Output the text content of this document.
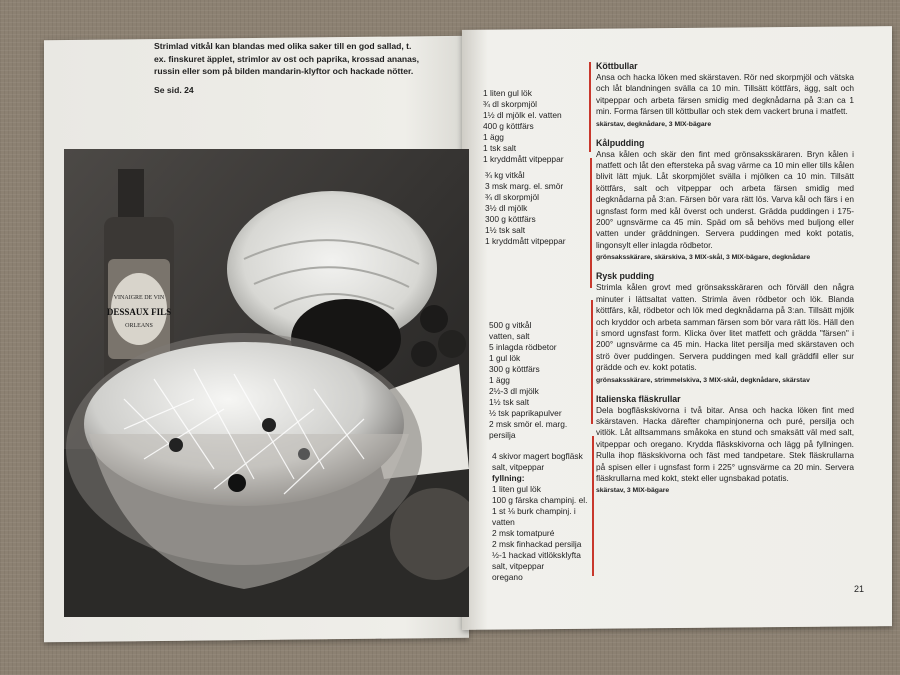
Strimlad vitkål kan blandas med olika saker till en god sallad, t. ex. finskuret äpplet, strimlor av ost och paprika, krossad ananas, russin eller som på bilden mandarin-klyftor och hackade nötter.
Se sid. 24
VINAIGRE DE VIN
DESSAUX FILS
ORLEANS
1 liten gul lök
¾ dl skorpmjöl
1½ dl mjölk el. vatten
400 g köttfärs
1 ägg
1 tsk salt
1 kryddmått vitpeppar
¾ kg vitkål
3 msk marg. el. smör
¾ dl skorpmjöl
3½ dl mjölk
300 g köttfärs
1½ tsk salt
1 kryddmått vitpeppar
500 g vitkål
vatten, salt
5 inlagda rödbetor
1 gul lök
300 g köttfärs
1 ägg
2½-3 dl mjölk
1½ tsk salt
½ tsk paprikapulver
2 msk smör el. marg.
persilja
4 skivor magert bogfläsk
salt, vitpeppar
fyllning:
1 liten gul lök
100 g färska champinj. el.
1 st ⅛ burk champinj. i
vatten
2 msk tomatpuré
2 msk finhackad persilja
½-1 hackad vitlöksklyfta
salt, vitpeppar
oregano
Köttbullar

Ansa och hacka löken med skärstaven. Rör ned skorpmjöl och vätska och låt blandningen svälla ca 10 min. Tillsätt köttfärs, ägg, salt och vitpeppar och arbeta färsen smidig med degknådarna på 3:an ca 1 min. Forma färsen till köttbullar och stek dem vackert bruna i matfett.

skärstav, degknådare, 3 MIX-bägare
Kålpudding

Ansa kålen och skär den fint med grönsaksskäraren. Bryn kålen i matfett och låt den eftersteka på svag värme ca 10 min eller tills kålen blivit lätt mjuk. Låt skorpmjölet svälla i mjölken ca 10 min. Tillsätt köttfärs, salt och vitpeppar och arbeta färsen smidig med degknådarna på 3:an. Färsen bör vara rätt lös. Varva kål och färs i en ugnsfast form med kål överst och underst. Grädda puddingen i 175-200° ugnsvärme ca 45 min. Späd om så behövs med buljong eller vatten under gräddningen. Servera puddingen med kokt potatis, lingonsylt eller inlagda rödbetor.

grönsaksskärare, skärskiva, 3 MIX-skål, 3 MIX-bägare, degknådare
Rysk pudding

Strimla kålen grovt med grönsaksskäraren och förväll den några minuter i lättsaltat vatten. Strimla även rödbetor och lök. Blanda köttfärs, kål, rödbetor och lök med degknådarna på 3:an. Tillsätt mjölk och kryddor och arbeta samman färsen som bör vara rätt lös. Häll den i smord ugnsfast form. Klicka över litet matfett och grädda "färsen" i 200° ugnsvärme ca 45 min. Hacka litet persilja med skärstaven och strö över puddingen. Servera puddingen med kall gräddfil eller sur grädde och ev. kokt potatis.

grönsaksskärare, strimmelskiva, 3 MIX-skål, degknådare, skärstav
Italienska fläskrullar

Dela bogfläskskivorna i två bitar. Ansa och hacka löken fint med skärstaven. Hacka därefter champinjonerna och puré, persilja och vitlök. Låt alltsammans småkoka en stund och smaksätt väl med salt, vitpeppar och oregano. Krydda fläskskivorna och lägg på fyllningen. Rulla ihop fläskskivorna och fäst med tandpetare. Stek fläskrullarna på spisen eller i ugnsfast form i 225° ugnsvärme ca 20 min. Servera fläskrullarna med kokt, stekt eller ugnsbakad potatis.

skärstav, 3 MIX-bägare
21
